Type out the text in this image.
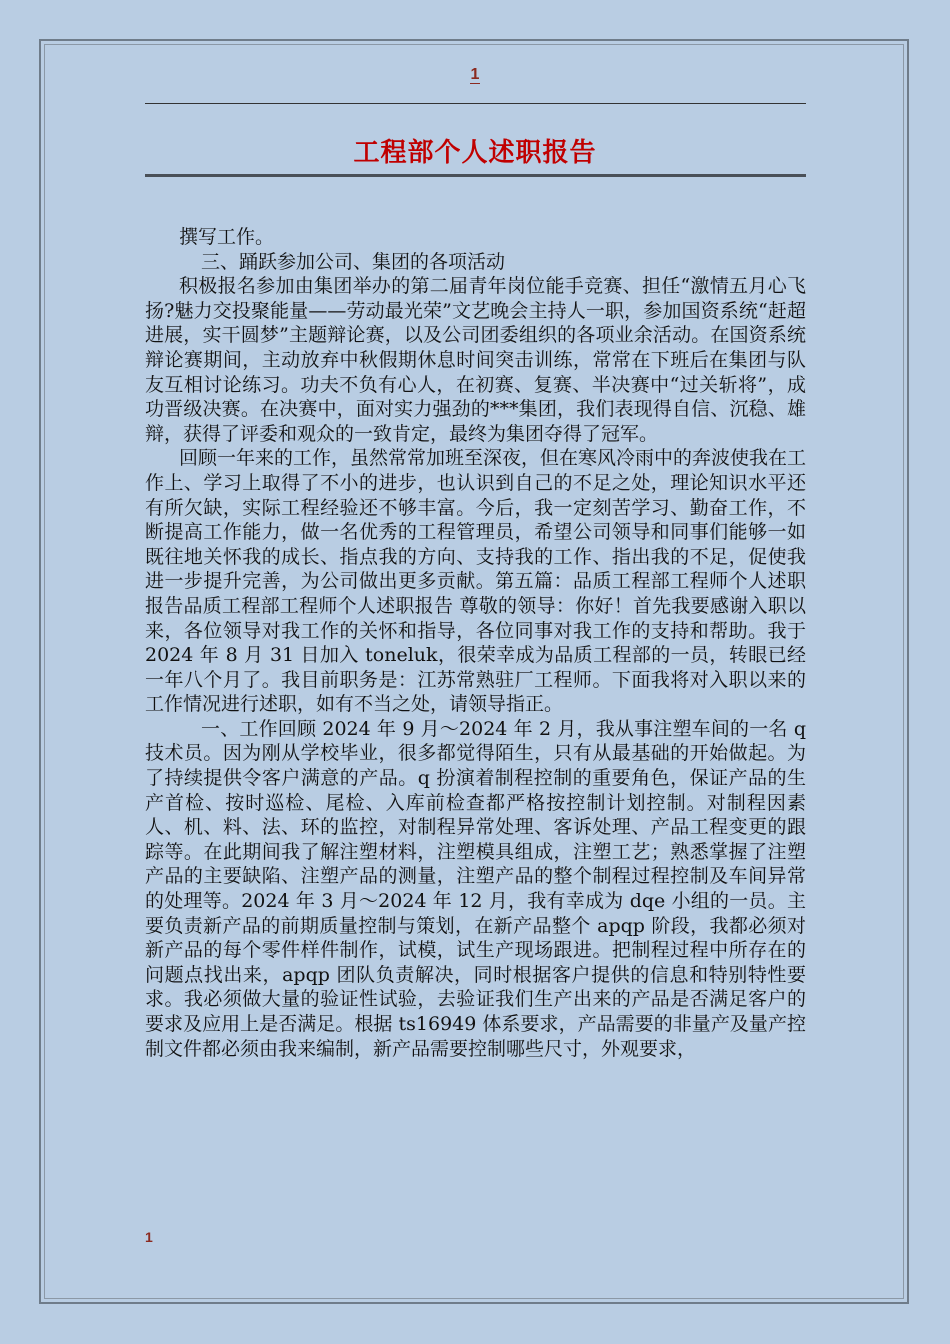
1
工程部个人述职报告

撰写工作。

三、踊跃参加公司、集团的各项活动

积极报名参加由集团举办的第二届青年岗位能手竞赛、担任“激情五月心飞扬?魅力交投聚能量——劳动最光荣”文艺晚会主持人一职，参加国资系统“赶超进展，实干圆梦”主题辩论赛，以及公司团委组织的各项业余活动。在国资系统辩论赛期间，主动放弃中秋假期休息时间突击训练，常常在下班后在集团与队友互相讨论练习。功夫不负有心人，在初赛、复赛、半决赛中“过关斩将”，成功晋级决赛。在决赛中，面对实力强劲的***集团，我们表现得自信、沉稳、雄辩，获得了评委和观众的一致肯定，最终为集团夺得了冠军。

回顾一年来的工作，虽然常常加班至深夜，但在寒风冷雨中的奔波使我在工作上、学习上取得了不小的进步，也认识到自己的不足之处，理论知识水平还有所欠缺，实际工程经验还不够丰富。今后，我一定刻苦学习、勤奋工作，不断提高工作能力，做一名优秀的工程管理员，希望公司领导和同事们能够一如既往地关怀我的成长、指点我的方向、支持我的工作、指出我的不足，促使我进一步提升完善，为公司做出更多贡献。第五篇：品质工程部工程师个人述职报告品质工程部工程师个人述职报告 尊敬的领导：你好！首先我要感谢入职以来，各位领导对我工作的关怀和指导，各位同事对我工作的支持和帮助。我于 2024 年 8 月 31 日加入 toneluk，很荣幸成为品质工程部的一员，转眼已经一年八个月了。我目前职务是：江苏常熟驻厂工程师。下面我将对入职以来的工作情况进行述职，如有不当之处，请领导指正。

一、工作回顾 2024 年 9 月～2024 年 2 月，我从事注塑车间的一名 q 技术员。因为刚从学校毕业，很多都觉得陌生，只有从最基础的开始做起。为了持续提供令客户满意的产品。q 扮演着制程控制的重要角色，保证产品的生产首检、按时巡检、尾检、入库前检查都严格按控制计划控制。对制程因素人、机、料、法、环的监控，对制程异常处理、客诉处理、产品工程变更的跟踪等。在此期间我了解注塑材料，注塑模具组成，注塑工艺；熟悉掌握了注塑产品的主要缺陷、注塑产品的测量，注塑产品的整个制程过程控制及车间异常的处理等。2024 年 3 月～2024 年 12 月，我有幸成为 dqe 小组的一员。主要负责新产品的前期质量控制与策划，在新产品整个 apqp 阶段，我都必须对新产品的每个零件样件制作，试模，试生产现场跟进。把制程过程中所存在的问题点找出来，apqp 团队负责解决，同时根据客户提供的信息和特别特性要求。我必须做大量的验证性试验，去验证我们生产出来的产品是否满足客户的要求及应用上是否满足。根据 ts16949 体系要求，产品需要的非量产及量产控制文件都必须由我来编制，新产品需要控制哪些尺寸，外观要求，

1
